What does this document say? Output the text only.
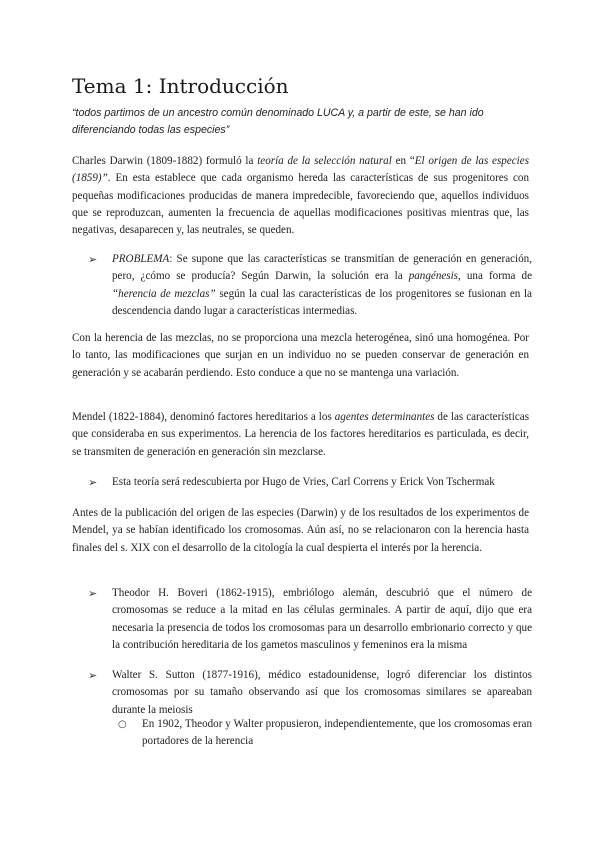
Tema 1: Introducción
“todos partimos de un ancestro común denominado LUCA y, a partir de este, se han ido diferenciando todas las especies”
Charles Darwin (1809-1882) formuló la teoría de la selección natural en “El origen de las especies (1859)”. En esta establece que cada organismo hereda las características de sus progenitores con pequeñas modificaciones producidas de manera impredecible, favoreciendo que, aquellos individuos que se reproduzcan, aumenten la frecuencia de aquellas modificaciones positivas mientras que, las negativas, desaparecen y, las neutrales, se queden.
➢ PROBLEMA: Se supone que las características se transmitían de generación en generación, pero, ¿cómo se producía? Según Darwin, la solución era la pangénesis, una forma de “herencia de mezclas” según la cual las características de los progenitores se fusionan en la descendencia dando lugar a características intermedias.
Con la herencia de las mezclas, no se proporciona una mezcla heterogénea, sinó una homogénea. Por lo tanto, las modificaciones que surjan en un individuo no se pueden conservar de generación en generación y se acabarán perdiendo. Esto conduce a que no se mantenga una variación.
Mendel (1822-1884), denominó factores hereditarios a los agentes determinantes de las características que consideraba en sus experimentos. La herencia de los factores hereditarios es particulada, es decir, se transmiten de generación en generación sin mezclarse.
➢ Esta teoría será redescubierta por Hugo de Vries, Carl Correns y Erick Von Tschermak
Antes de la publicación del origen de las especies (Darwin) y de los resultados de los experimentos de Mendel, ya se habían identificado los cromosomas. Aún así, no se relacionaron con la herencia hasta finales del s. XIX con el desarrollo de la citología la cual despierta el interés por la herencia.
➢ Theodor H. Boveri (1862-1915), embriólogo alemán, descubrió que el número de cromosomas se reduce a la mitad en las células germinales. A partir de aquí, dijo que era necesaria la presencia de todos los cromosomas para un desarrollo embrionario correcto y que la contribución hereditaria de los gametos masculinos y femeninos era la misma
➢ Walter S. Sutton (1877-1916), médico estadounidense, logró diferenciar los distintos cromosomas por su tamaño observando así que los cromosomas similares se apareaban durante la meiosis
○ En 1902, Theodor y Walter propusieron, independientemente, que los cromosomas eran portadores de la herencia
